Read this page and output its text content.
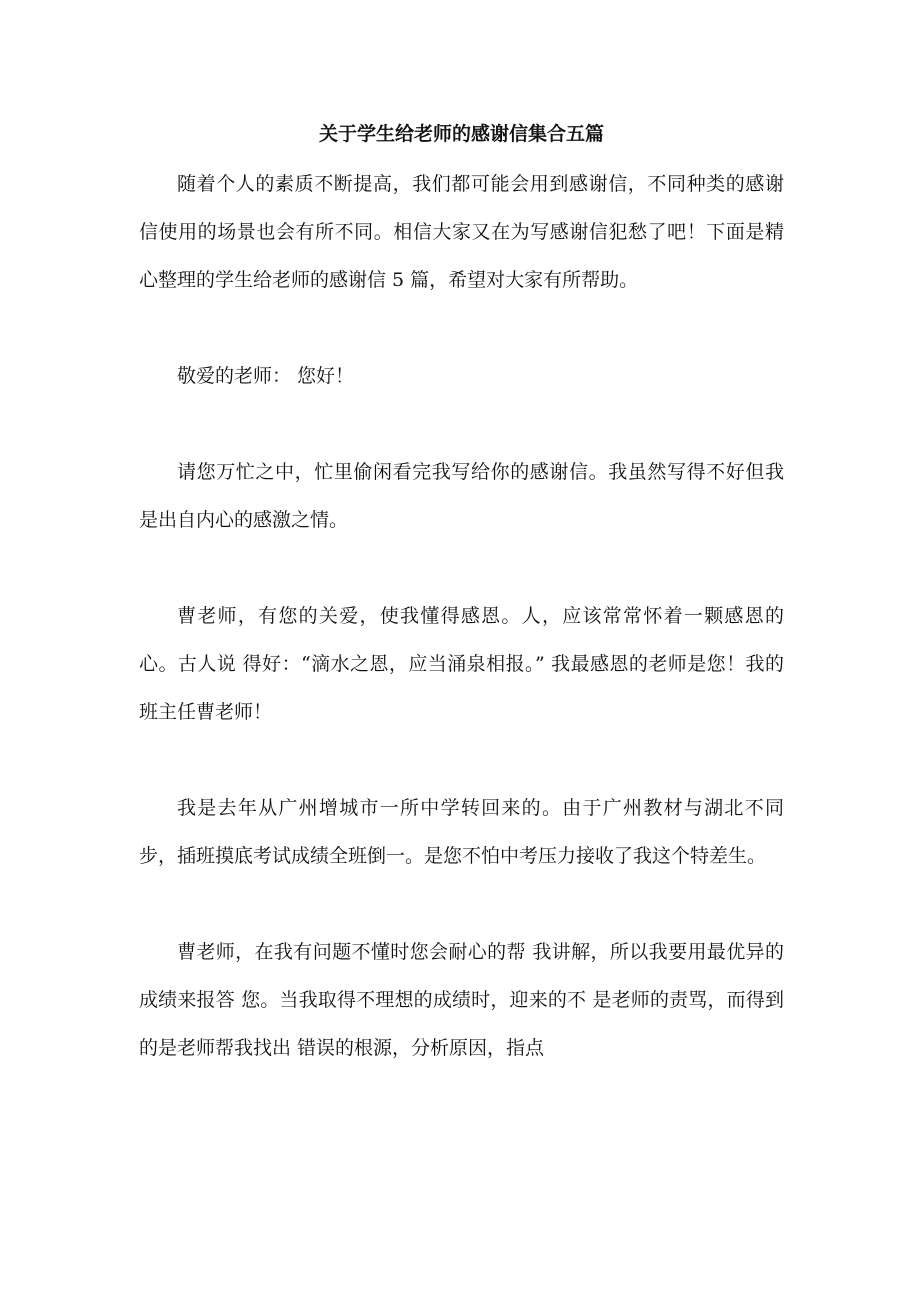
关于学生给老师的感谢信集合五篇

随着个人的素质不断提高，我们都可能会用到感谢信，不同种类的感谢信使用的场景也会有所不同。相信大家又在为写感谢信犯愁了吧！下面是精心整理的学生给老师的感谢信 5 篇，希望对大家有所帮助。

敬爱的老师： 您好！

请您万忙之中，忙里偷闲看完我写给你的感谢信。我虽然写得不好但我是出自内心的感激之情。

曹老师，有您的关爱，使我懂得感恩。人，应该常常怀着一颗感恩的心。古人说 得好：“滴水之恩，应当涌泉相报。” 我最感恩的老师是您！我的班主任曹老师！

我是去年从广州增城市一所中学转回来的。由于广州教材与湖北不同步，插班摸底考试成绩全班倒一。是您不怕中考压力接收了我这个特差生。

曹老师，在我有问题不懂时您会耐心的帮 我讲解，所以我要用最优异的成绩来报答 您。当我取得不理想的成绩时，迎来的不 是老师的责骂，而得到的是老师帮我找出 错误的根源，分析原因，指点
